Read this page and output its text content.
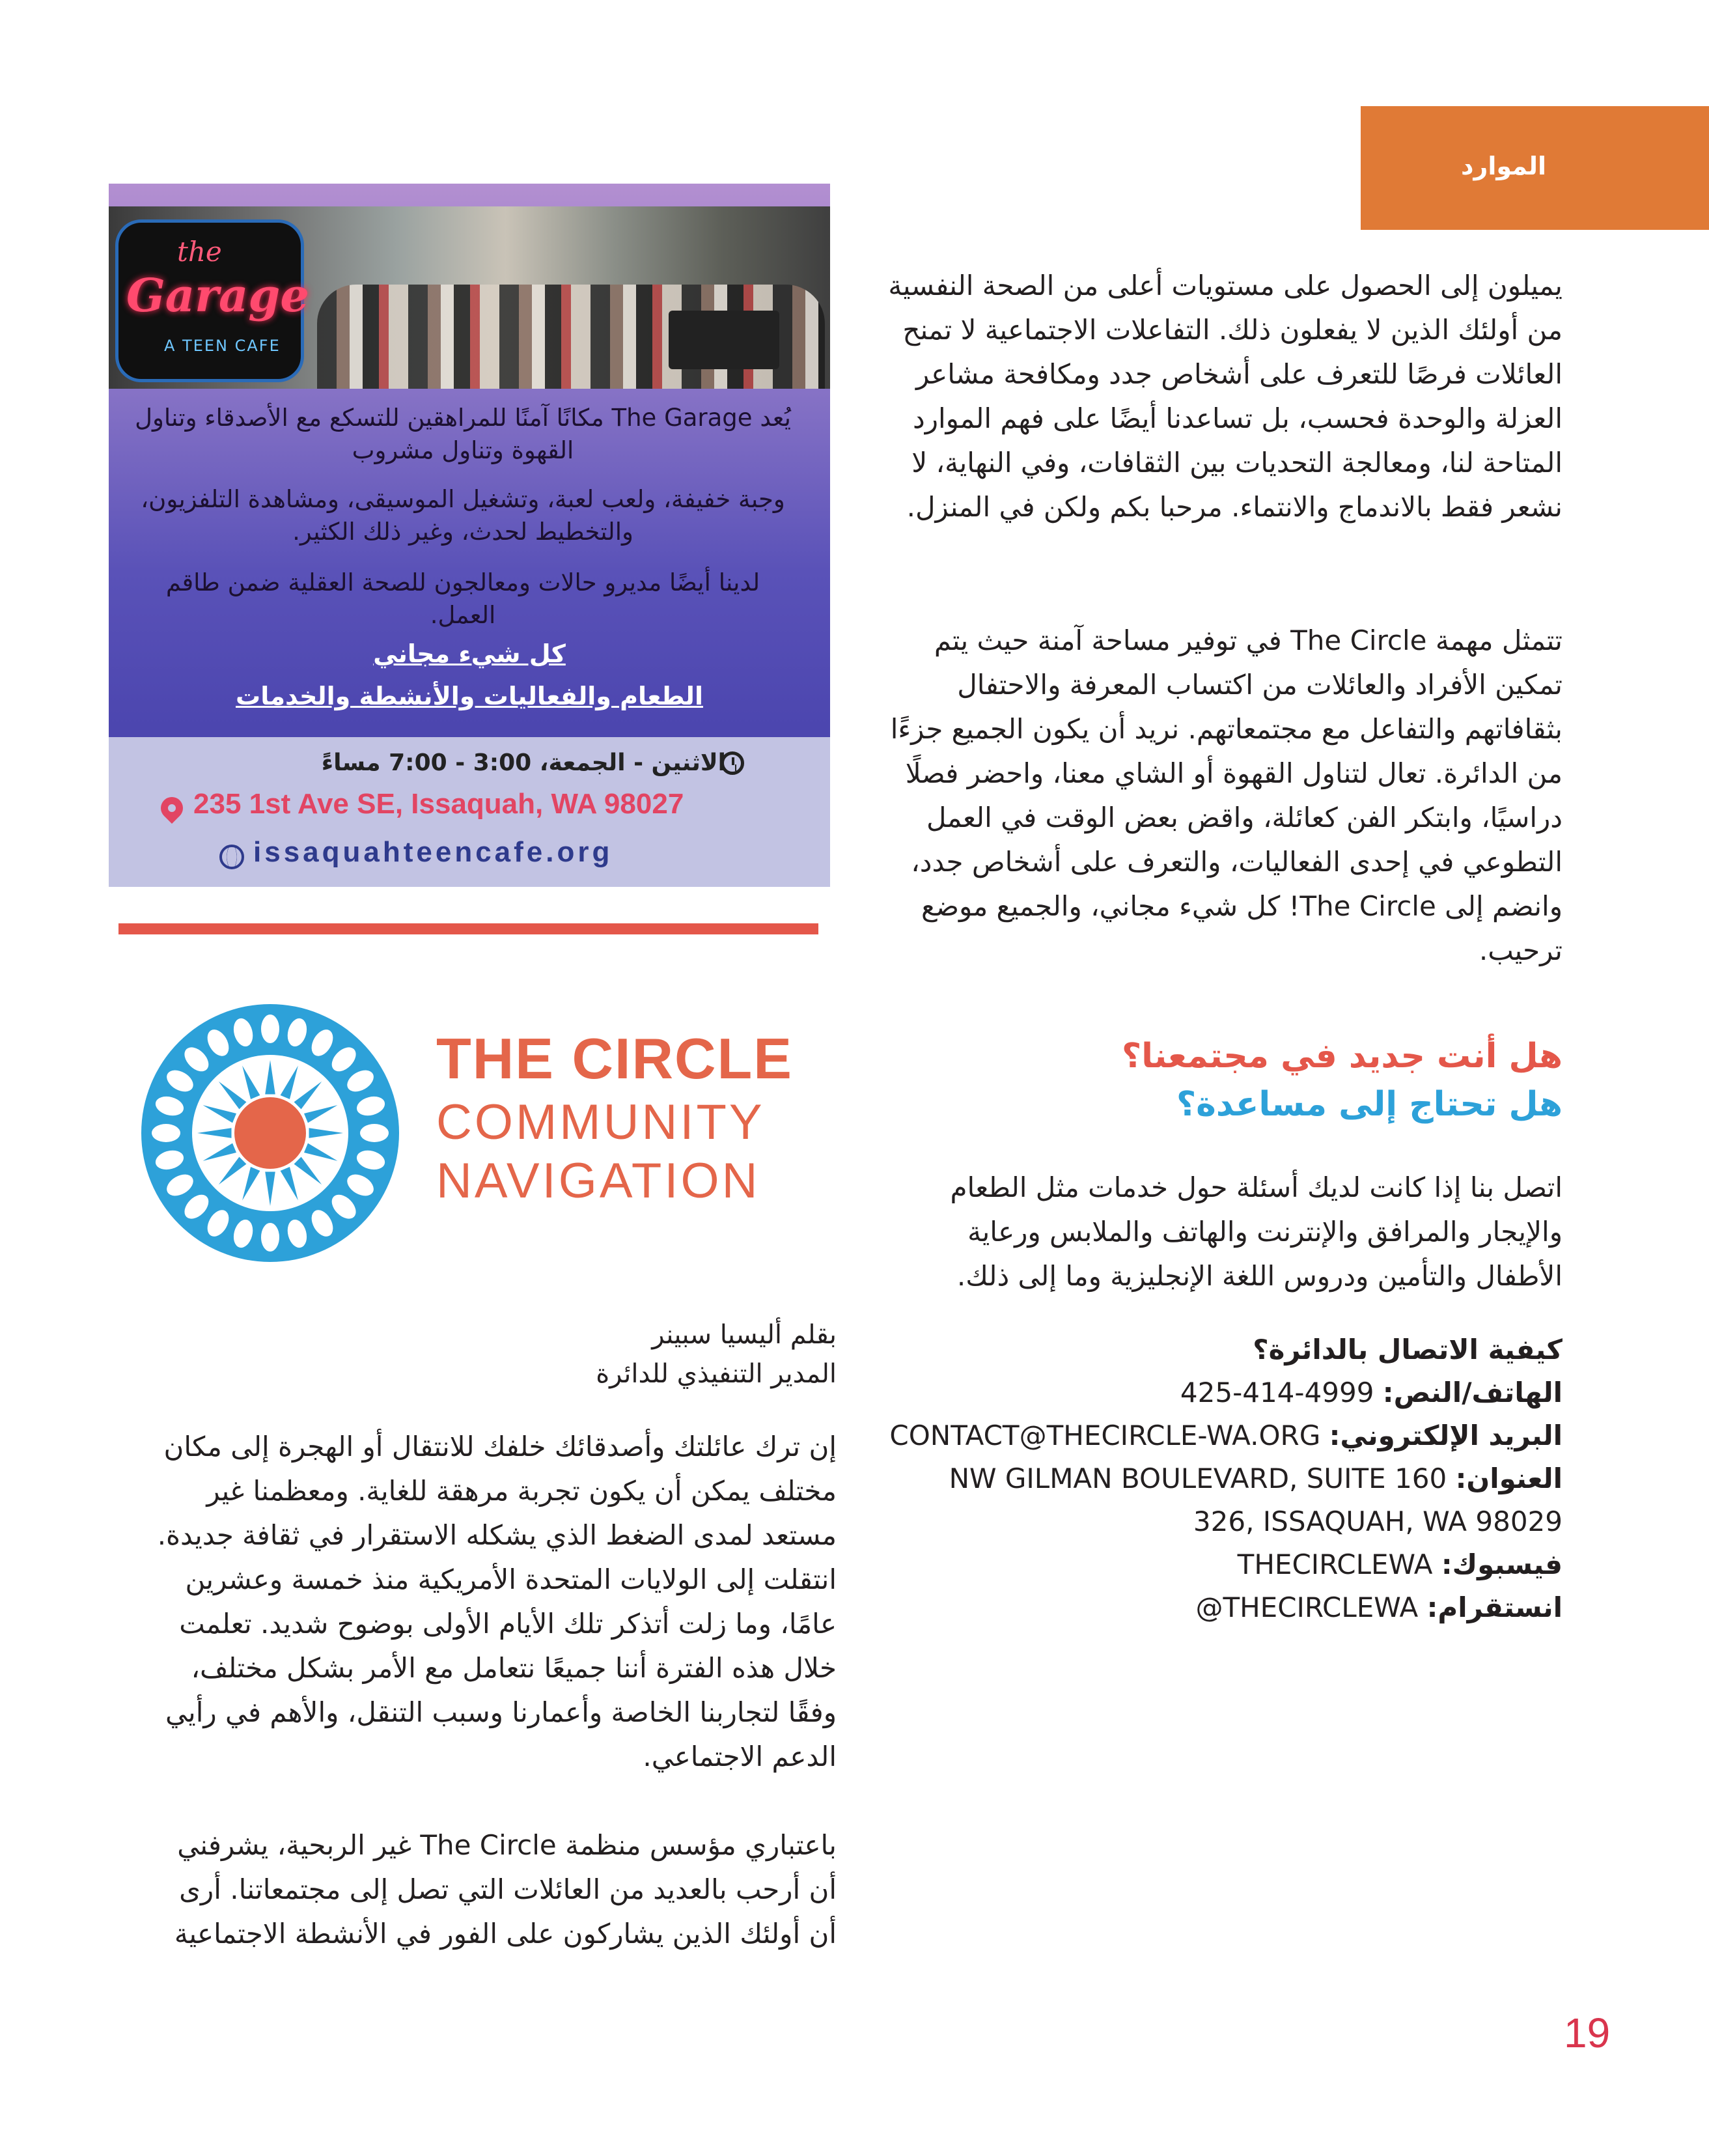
الموارد

يميلون إلى الحصول على مستويات أعلى من الصحة النفسية من أولئك الذين لا يفعلون ذلك. التفاعلات الاجتماعية لا تمنح العائلات فرصًا للتعرف على أشخاص جدد ومكافحة مشاعر العزلة والوحدة فحسب، بل تساعدنا أيضًا على فهم الموارد المتاحة لنا، ومعالجة التحديات بين الثقافات، وفي النهاية، لا نشعر فقط بالاندماج والانتماء. مرحبا بكم ولكن في المنزل.

تتمثل مهمة The Circle في توفير مساحة آمنة حيث يتم تمكين الأفراد والعائلات من اكتساب المعرفة والاحتفال بثقافاتهم والتفاعل مع مجتمعاتهم. نريد أن يكون الجميع جزءًا من الدائرة. تعال لتناول القهوة أو الشاي معنا، واحضر فصلًا دراسيًا، وابتكر الفن كعائلة، واقض بعض الوقت في العمل التطوعي في إحدى الفعاليات، والتعرف على أشخاص جدد، وانضم إلى The Circle! كل شيء مجاني، والجميع موضع ترحيب.

هل أنت جديد في مجتمعنا؟

هل تحتاج إلى مساعدة؟

اتصل بنا إذا كانت لديك أسئلة حول خدمات مثل الطعام والإيجار والمرافق والإنترنت والهاتف والملابس ورعاية الأطفال والتأمين ودروس اللغة الإنجليزية وما إلى ذلك.

كيفية الاتصال بالدائرة؟
الهاتف/النص: 425-414-4999
البريد الإلكتروني: CONTACT@THECIRCLE-WA.ORG
العنوان: NW GILMAN BOULEVARD, SUITE 160
326, ISSAQUAH, WA 98029
فيسبوك: THECIRCLEWA
انستقرام: @THECIRCLEWA
the
Garage
A TEEN CAFE

يُعد The Garage مكانًا آمنًا للمراهقين للتسكع مع الأصدقاء وتناول القهوة وتناول مشروب

وجبة خفيفة، ولعب لعبة، وتشغيل الموسيقى، ومشاهدة التلفزيون، والتخطيط لحدث، وغير ذلك الكثير.

لدينا أيضًا مديرو حالات ومعالجون للصحة العقلية ضمن طاقم العمل.

كل شيء مجاني
الطعام والفعاليات والأنشطة والخدمات
الاثنين - الجمعة، 3:00 - 7:00 مساءً
235 1st Ave SE, Issaquah, WA 98027
issaquahteencafe.org
THE CIRCLE
COMMUNITY
NAVIGATION
بقلم أليسيا سبينر
المدير التنفيذي للدائرة

إن ترك عائلتك وأصدقائك خلفك للانتقال أو الهجرة إلى مكان مختلف يمكن أن يكون تجربة مرهقة للغاية. ومعظمنا غير مستعد لمدى الضغط الذي يشكله الاستقرار في ثقافة جديدة. انتقلت إلى الولايات المتحدة الأمريكية منذ خمسة وعشرين عامًا، وما زلت أتذكر تلك الأيام الأولى بوضوح شديد. تعلمت خلال هذه الفترة أننا جميعًا نتعامل مع الأمر بشكل مختلف، وفقًا لتجاربنا الخاصة وأعمارنا وسبب التنقل، والأهم في رأيي الدعم الاجتماعي.

باعتباري مؤسس منظمة The Circle غير الربحية، يشرفني أن أرحب بالعديد من العائلات التي تصل إلى مجتمعاتنا. أرى أن أولئك الذين يشاركون على الفور في الأنشطة الاجتماعية

19
